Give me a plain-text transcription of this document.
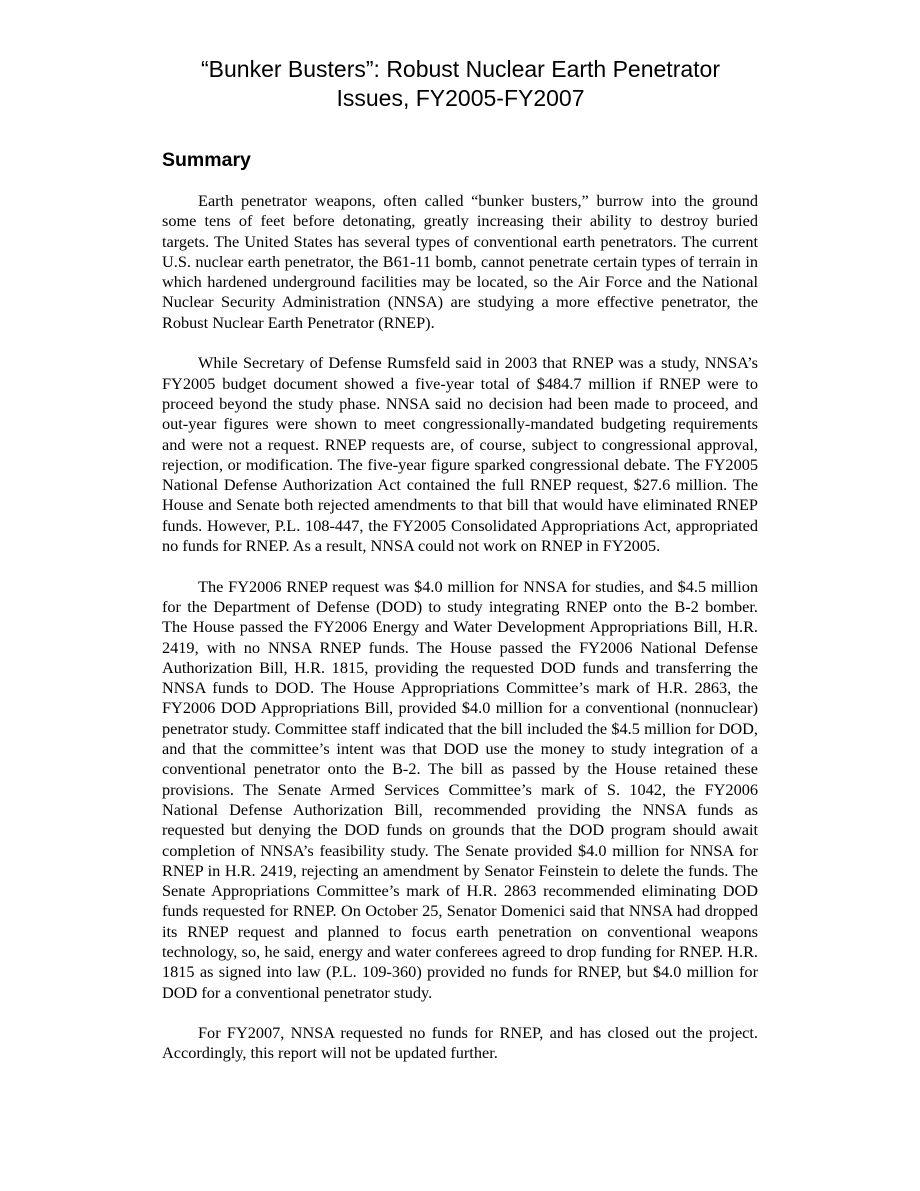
“Bunker Busters”: Robust Nuclear Earth Penetrator
Issues, FY2005-FY2007
Summary

Earth penetrator weapons, often called “bunker busters,” burrow into the ground some tens of feet before detonating, greatly increasing their ability to destroy buried targets. The United States has several types of conventional earth penetrators. The current U.S. nuclear earth penetrator, the B61-11 bomb, cannot penetrate certain types of terrain in which hardened underground facilities may be located, so the Air Force and the National Nuclear Security Administration (NNSA) are studying a more effective penetrator, the Robust Nuclear Earth Penetrator (RNEP).

While Secretary of Defense Rumsfeld said in 2003 that RNEP was a study, NNSA’s FY2005 budget document showed a five-year total of $484.7 million if RNEP were to proceed beyond the study phase. NNSA said no decision had been made to proceed, and out-year figures were shown to meet congressionally-mandated budgeting requirements and were not a request. RNEP requests are, of course, subject to congressional approval, rejection, or modification. The five-year figure sparked congressional debate. The FY2005 National Defense Authorization Act contained the full RNEP request, $27.6 million. The House and Senate both rejected amendments to that bill that would have eliminated RNEP funds. However, P.L. 108-447, the FY2005 Consolidated Appropriations Act, appropriated no funds for RNEP. As a result, NNSA could not work on RNEP in FY2005.

The FY2006 RNEP request was $4.0 million for NNSA for studies, and $4.5 million for the Department of Defense (DOD) to study integrating RNEP onto the B-2 bomber. The House passed the FY2006 Energy and Water Development Appropriations Bill, H.R. 2419, with no NNSA RNEP funds. The House passed the FY2006 National Defense Authorization Bill, H.R. 1815, providing the requested DOD funds and transferring the NNSA funds to DOD. The House Appropriations Committee’s mark of H.R. 2863, the FY2006 DOD Appropriations Bill, provided $4.0 million for a conventional (nonnuclear) penetrator study. Committee staff indicated that the bill included the $4.5 million for DOD, and that the committee’s intent was that DOD use the money to study integration of a conventional penetrator onto the B-2. The bill as passed by the House retained these provisions. The Senate Armed Services Committee’s mark of S. 1042, the FY2006 National Defense Authorization Bill, recommended providing the NNSA funds as requested but denying the DOD funds on grounds that the DOD program should await completion of NNSA’s feasibility study. The Senate provided $4.0 million for NNSA for RNEP in H.R. 2419, rejecting an amendment by Senator Feinstein to delete the funds. The Senate Appropriations Committee’s mark of H.R. 2863 recommended eliminating DOD funds requested for RNEP. On October 25, Senator Domenici said that NNSA had dropped its RNEP request and planned to focus earth penetration on conventional weapons technology, so, he said, energy and water conferees agreed to drop funding for RNEP. H.R. 1815 as signed into law (P.L. 109-360) provided no funds for RNEP, but $4.0 million for DOD for a conventional penetrator study.

For FY2007, NNSA requested no funds for RNEP, and has closed out the project. Accordingly, this report will not be updated further.
